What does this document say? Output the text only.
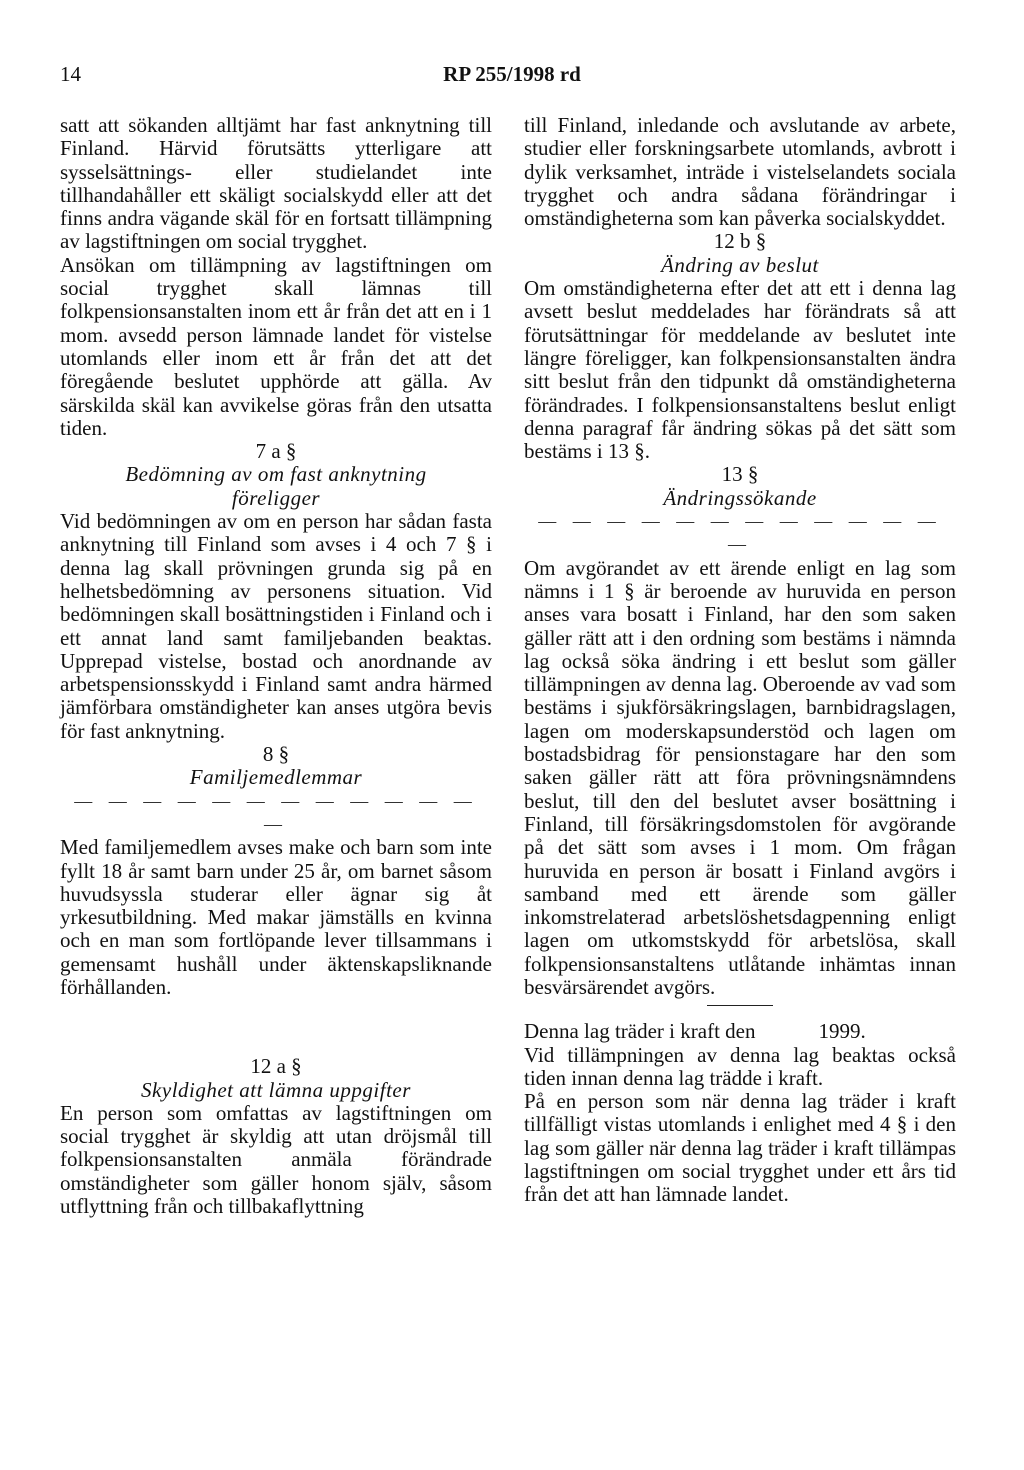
14	RP 255/1998 rd

satt att sökanden alltjämt har fast anknytning till Finland. Härvid förutsätts ytterligare att sysselsättnings- eller studielandet inte tillhandahåller ett skäligt socialskydd eller att det finns andra vägande skäl för en fortsatt tillämpning av lagstiftningen om social trygghet.

Ansökan om tillämpning av lagstiftningen om social trygghet skall lämnas till folkpensionsanstalten inom ett år från det att en i 1 mom. avsedd person lämnade landet för vistelse utomlands eller inom ett år från det att det föregående beslutet upphörde att gälla. Av särskilda skäl kan avvikelse göras från den utsatta tiden.

7 a §

Bedömning av om fast anknytning föreligger

Vid bedömningen av om en person har sådan fasta anknytning till Finland som avses i 4 och 7 § i denna lag skall prövningen grunda sig på en helhetsbedömning av personens situation. Vid bedömningen skall bosättningstiden i Finland och i ett annat land samt familjebanden beaktas. Upprepad vistelse, bostad och anordnande av arbetspensionsskydd i Finland samt andra härmed jämförbara omständigheter kan anses utgöra bevis för fast anknytning.

8 §

Familjemedlemmar

— — — — — — — — — — — — —

Med familjemedlem avses make och barn som inte fyllt 18 år samt barn under 25 år, om barnet såsom huvudsyssla studerar eller ägnar sig åt yrkesutbildning. Med makar jämställs en kvinna och en man som fortlöpande lever tillsammans i gemensamt hushåll under äktenskapsliknande förhållanden.

12 a §

Skyldighet att lämna uppgifter

En person som omfattas av lagstiftningen om social trygghet är skyldig att utan dröjsmål till folkpensionsanstalten anmäla förändrade omständigheter som gäller honom själv, såsom utflyttning från och tillbakaflyttning

till Finland, inledande och avslutande av arbete, studier eller forskningsarbete utomlands, avbrott i dylik verksamhet, inträde i vistelselandets sociala trygghet och andra sådana förändringar i omständigheterna som kan påverka socialskyddet.

12 b §

Ändring av beslut

Om omständigheterna efter det att ett i denna lag avsett beslut meddelades har förändrats så att förutsättningar för meddelande av beslutet inte längre föreligger, kan folkpensionsanstalten ändra sitt beslut från den tidpunkt då omständigheterna förändrades. I folkpensionsanstaltens beslut enligt denna paragraf får ändring sökas på det sätt som bestäms i 13 §.

13 §

Ändringssökande

— — — — — — — — — — — — —

Om avgörandet av ett ärende enligt en lag som nämns i 1 § är beroende av huruvida en person anses vara bosatt i Finland, har den som saken gäller rätt att i den ordning som bestäms i nämnda lag också söka ändring i ett beslut som gäller tillämpningen av denna lag. Oberoende av vad som bestäms i sjukförsäkringslagen, barnbidragslagen, lagen om moderskapsunderstöd och lagen om bostadsbidrag för pensionstagare har den som saken gäller rätt att föra prövningsnämndens beslut, till den del beslutet avser bosättning i Finland, till försäkringsdomstolen för avgörande på det sätt som avses i 1 mom. Om frågan huruvida en person är bosatt i Finland avgörs i samband med ett ärende som gäller inkomstrelaterad arbetslöshetsdagpenning enligt lagen om utkomstskydd för arbetslösa, skall folkpensionsanstaltens utlåtande inhämtas innan besvärsärendet avgörs.

Denna lag träder i kraft den            1999.

Vid tillämpningen av denna lag beaktas också tiden innan denna lag trädde i kraft.

På en person som när denna lag träder i kraft tillfälligt vistas utomlands i enlighet med 4 § i den lag som gäller när denna lag träder i kraft tillämpas lagstiftningen om social trygghet under ett års tid från det att han lämnade landet.
